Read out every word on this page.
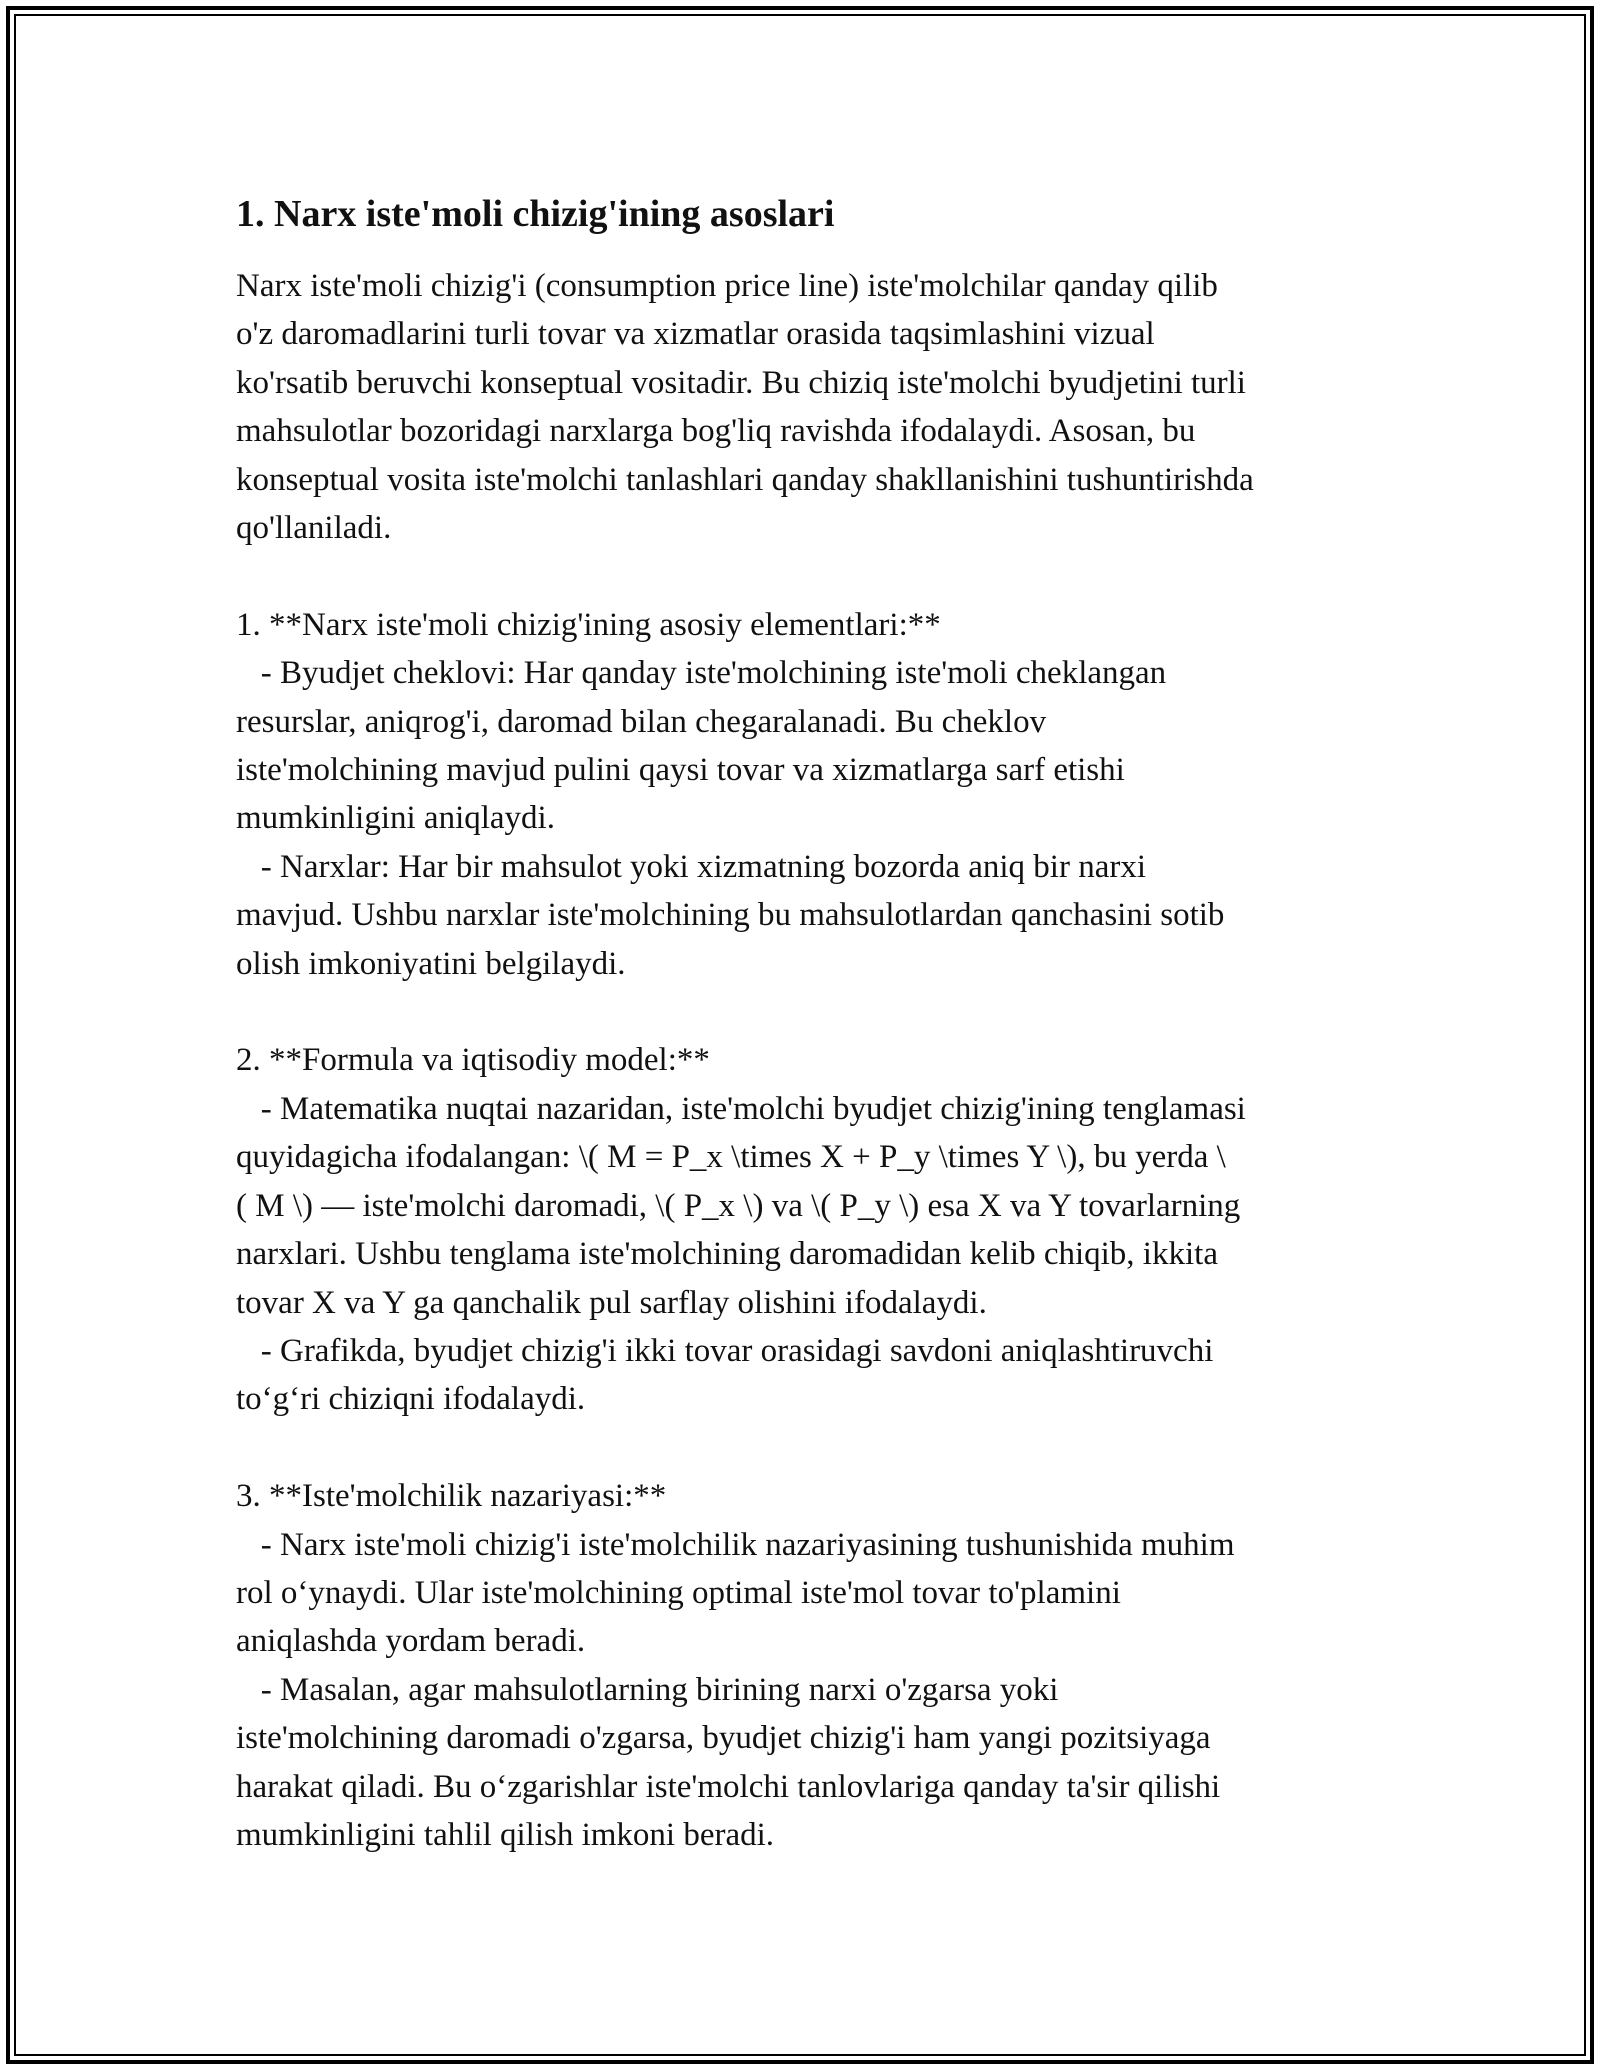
1. Narx iste'moli chizig'ining asoslari

Narx iste'moli chizig'i (consumption price line) iste'molchilar qanday qilib
o'z daromadlarini turli tovar va xizmatlar orasida taqsimlashini vizual
ko'rsatib beruvchi konseptual vositadir. Bu chiziq iste'molchi byudjetini turli
mahsulotlar bozoridagi narxlarga bog'liq ravishda ifodalaydi. Asosan, bu
konseptual vosita iste'molchi tanlashlari qanday shakllanishini tushuntirishda
qo'llaniladi.

1. **Narx iste'moli chizig'ining asosiy elementlari:**
- Byudjet cheklovi: Har qanday iste'molchining iste'moli cheklangan
resurslar, aniqrog'i, daromad bilan chegaralanadi. Bu cheklov
iste'molchining mavjud pulini qaysi tovar va xizmatlarga sarf etishi
mumkinligini aniqlaydi.
- Narxlar: Har bir mahsulot yoki xizmatning bozorda aniq bir narxi
mavjud. Ushbu narxlar iste'molchining bu mahsulotlardan qanchasini sotib
olish imkoniyatini belgilaydi.

2. **Formula va iqtisodiy model:**
- Matematika nuqtai nazaridan, iste'molchi byudjet chizig'ining tenglamasi
quyidagicha ifodalangan: \( M = P_x \times X + P_y \times Y \), bu yerda \
( M \) — iste'molchi daromadi, \( P_x \) va \( P_y \) esa X va Y tovarlarning
narxlari. Ushbu tenglama iste'molchining daromadidan kelib chiqib, ikkita
tovar X va Y ga qanchalik pul sarflay olishini ifodalaydi.
- Grafikda, byudjet chizig'i ikki tovar orasidagi savdoni aniqlashtiruvchi
to‘g‘ri chiziqni ifodalaydi.

3. **Iste'molchilik nazariyasi:**
- Narx iste'moli chizig'i iste'molchilik nazariyasining tushunishida muhim
rol o‘ynaydi. Ular iste'molchining optimal iste'mol tovar to'plamini
aniqlashda yordam beradi.
- Masalan, agar mahsulotlarning birining narxi o'zgarsa yoki
iste'molchining daromadi o'zgarsa, byudjet chizig'i ham yangi pozitsiyaga
harakat qiladi. Bu o‘zgarishlar iste'molchi tanlovlariga qanday ta'sir qilishi
mumkinligini tahlil qilish imkoni beradi.
